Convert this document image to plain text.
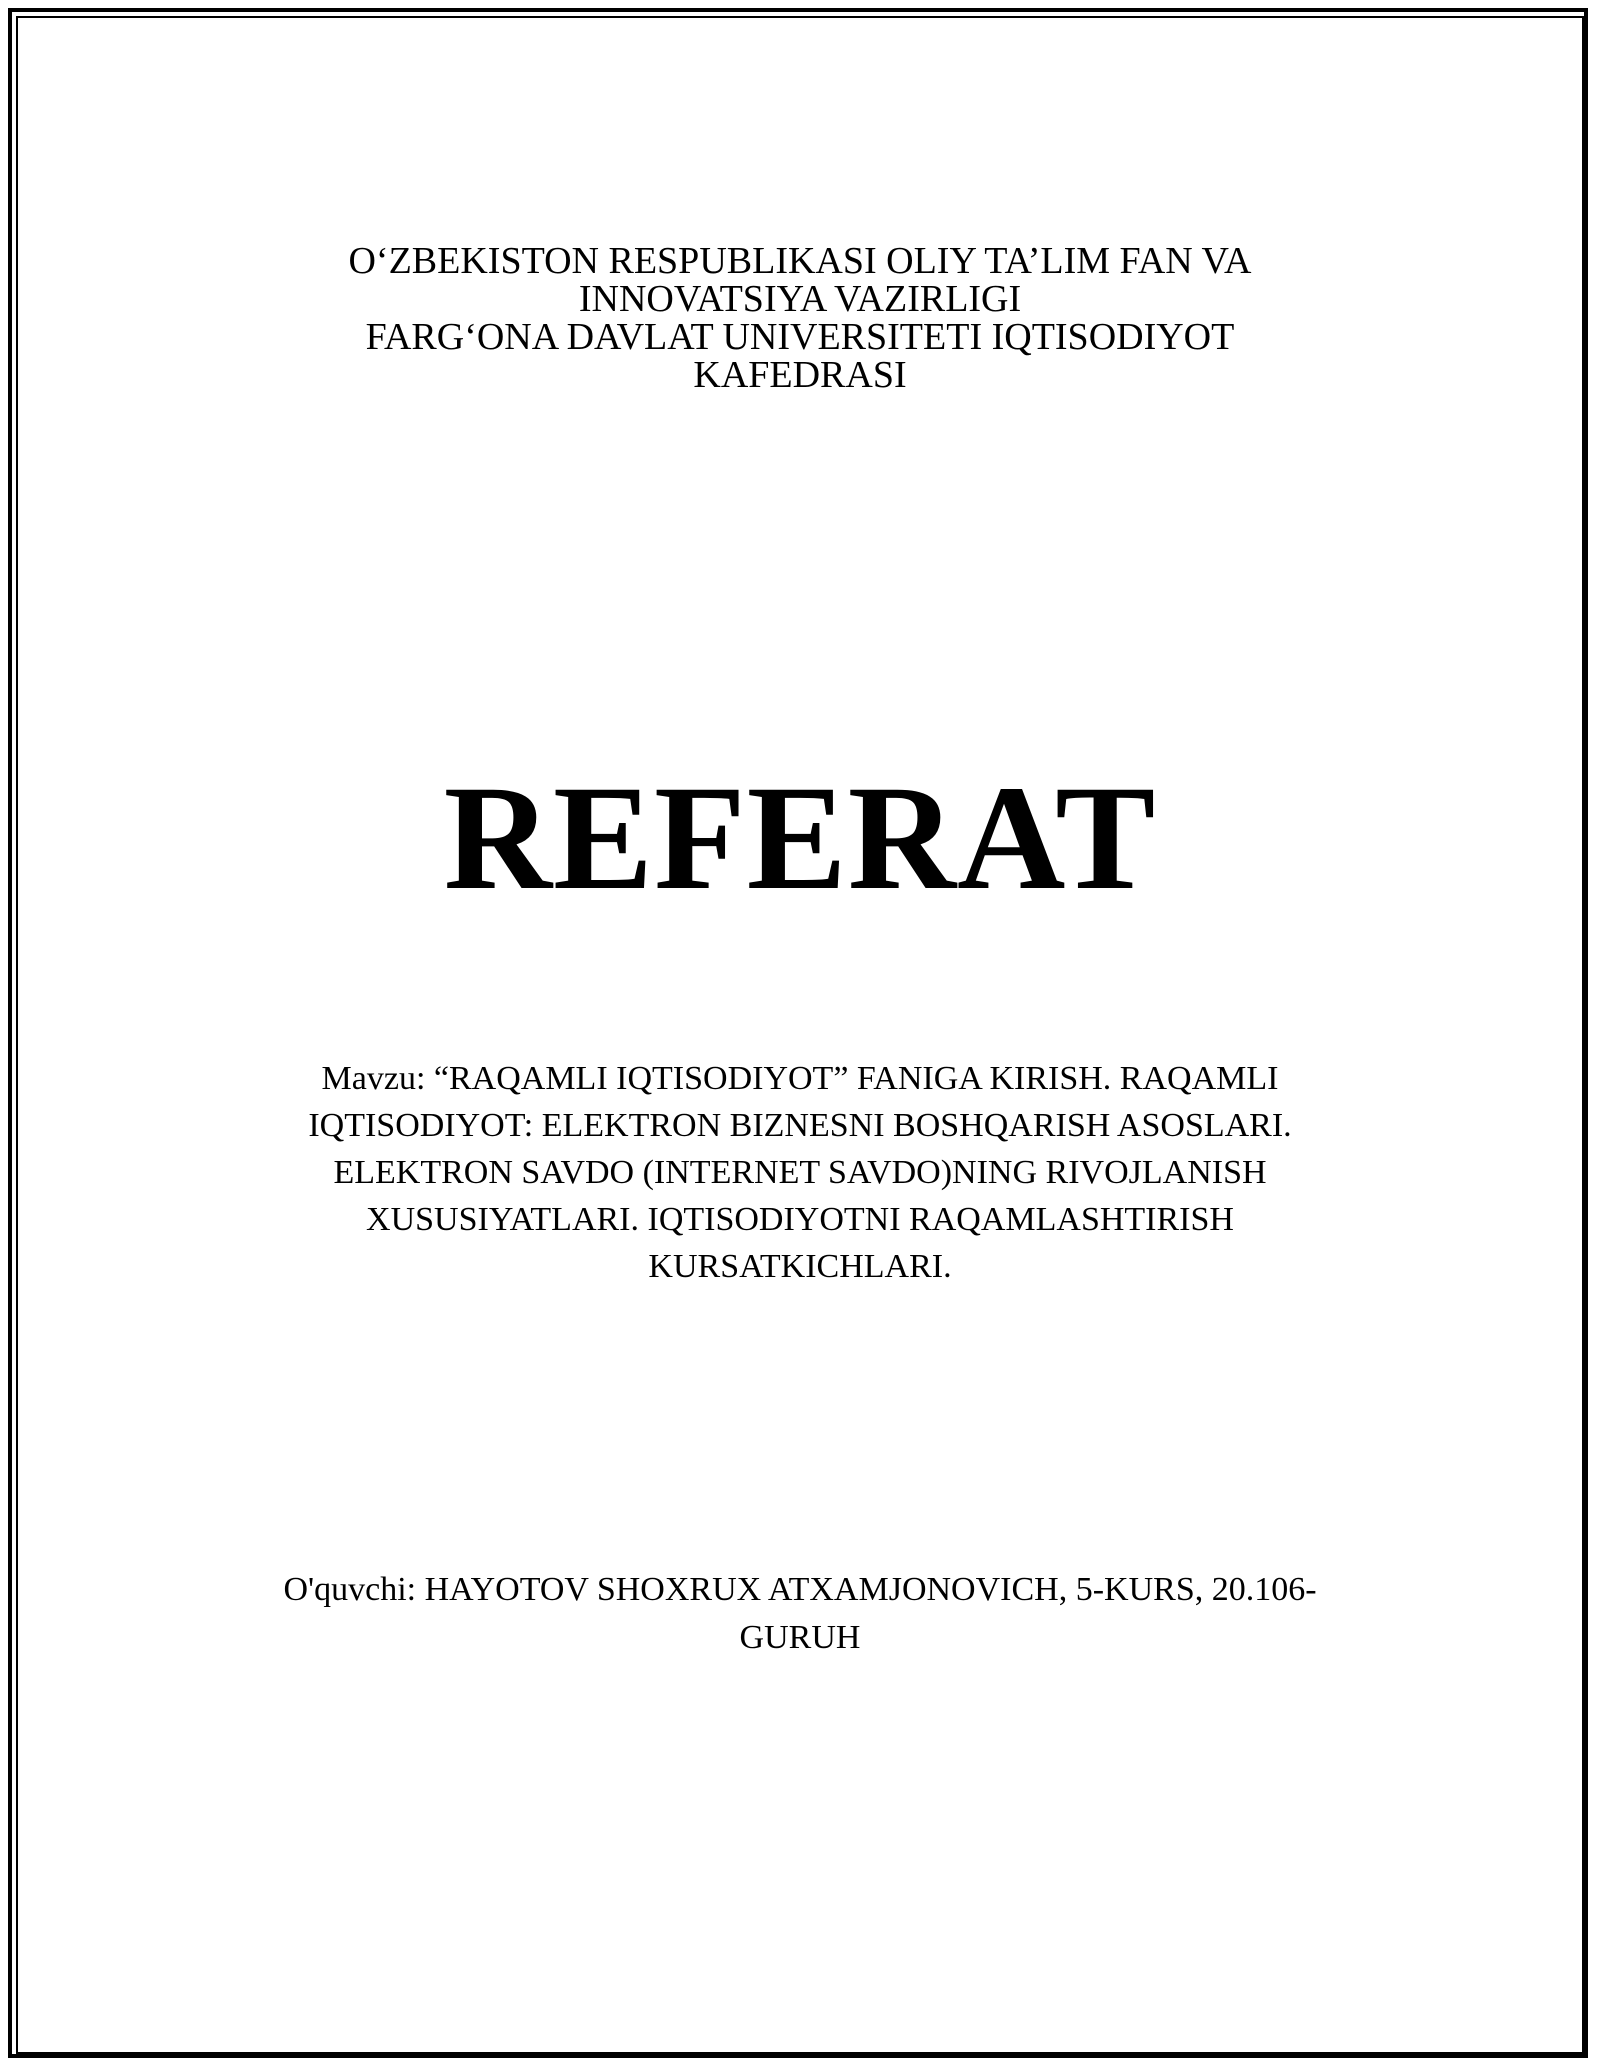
O‘ZBEKISTON RESPUBLIKASI OLIY TA’LIM FAN VA
INNOVATSIYA VAZIRLIGI
FARG‘ONA DAVLAT UNIVERSITETI IQTISODIYOT
KAFEDRASI
REFERAT
Mavzu: “RAQAMLI IQTISODIYOT” FANIGA KIRISH. RAQAMLI
IQTISODIYOT: ELEKTRON BIZNESNI BOSHQARISH ASOSLARI.
ELEKTRON SAVDO (INTERNET SAVDO)NING RIVOJLANISH
XUSUSIYATLARI. IQTISODIYOTNI RAQAMLASHTIRISH
KURSATKICHLARI.
O'quvchi: HAYOTOV SHOXRUX ATXAMJONOVICH, 5-KURS, 20.106-
GURUH
